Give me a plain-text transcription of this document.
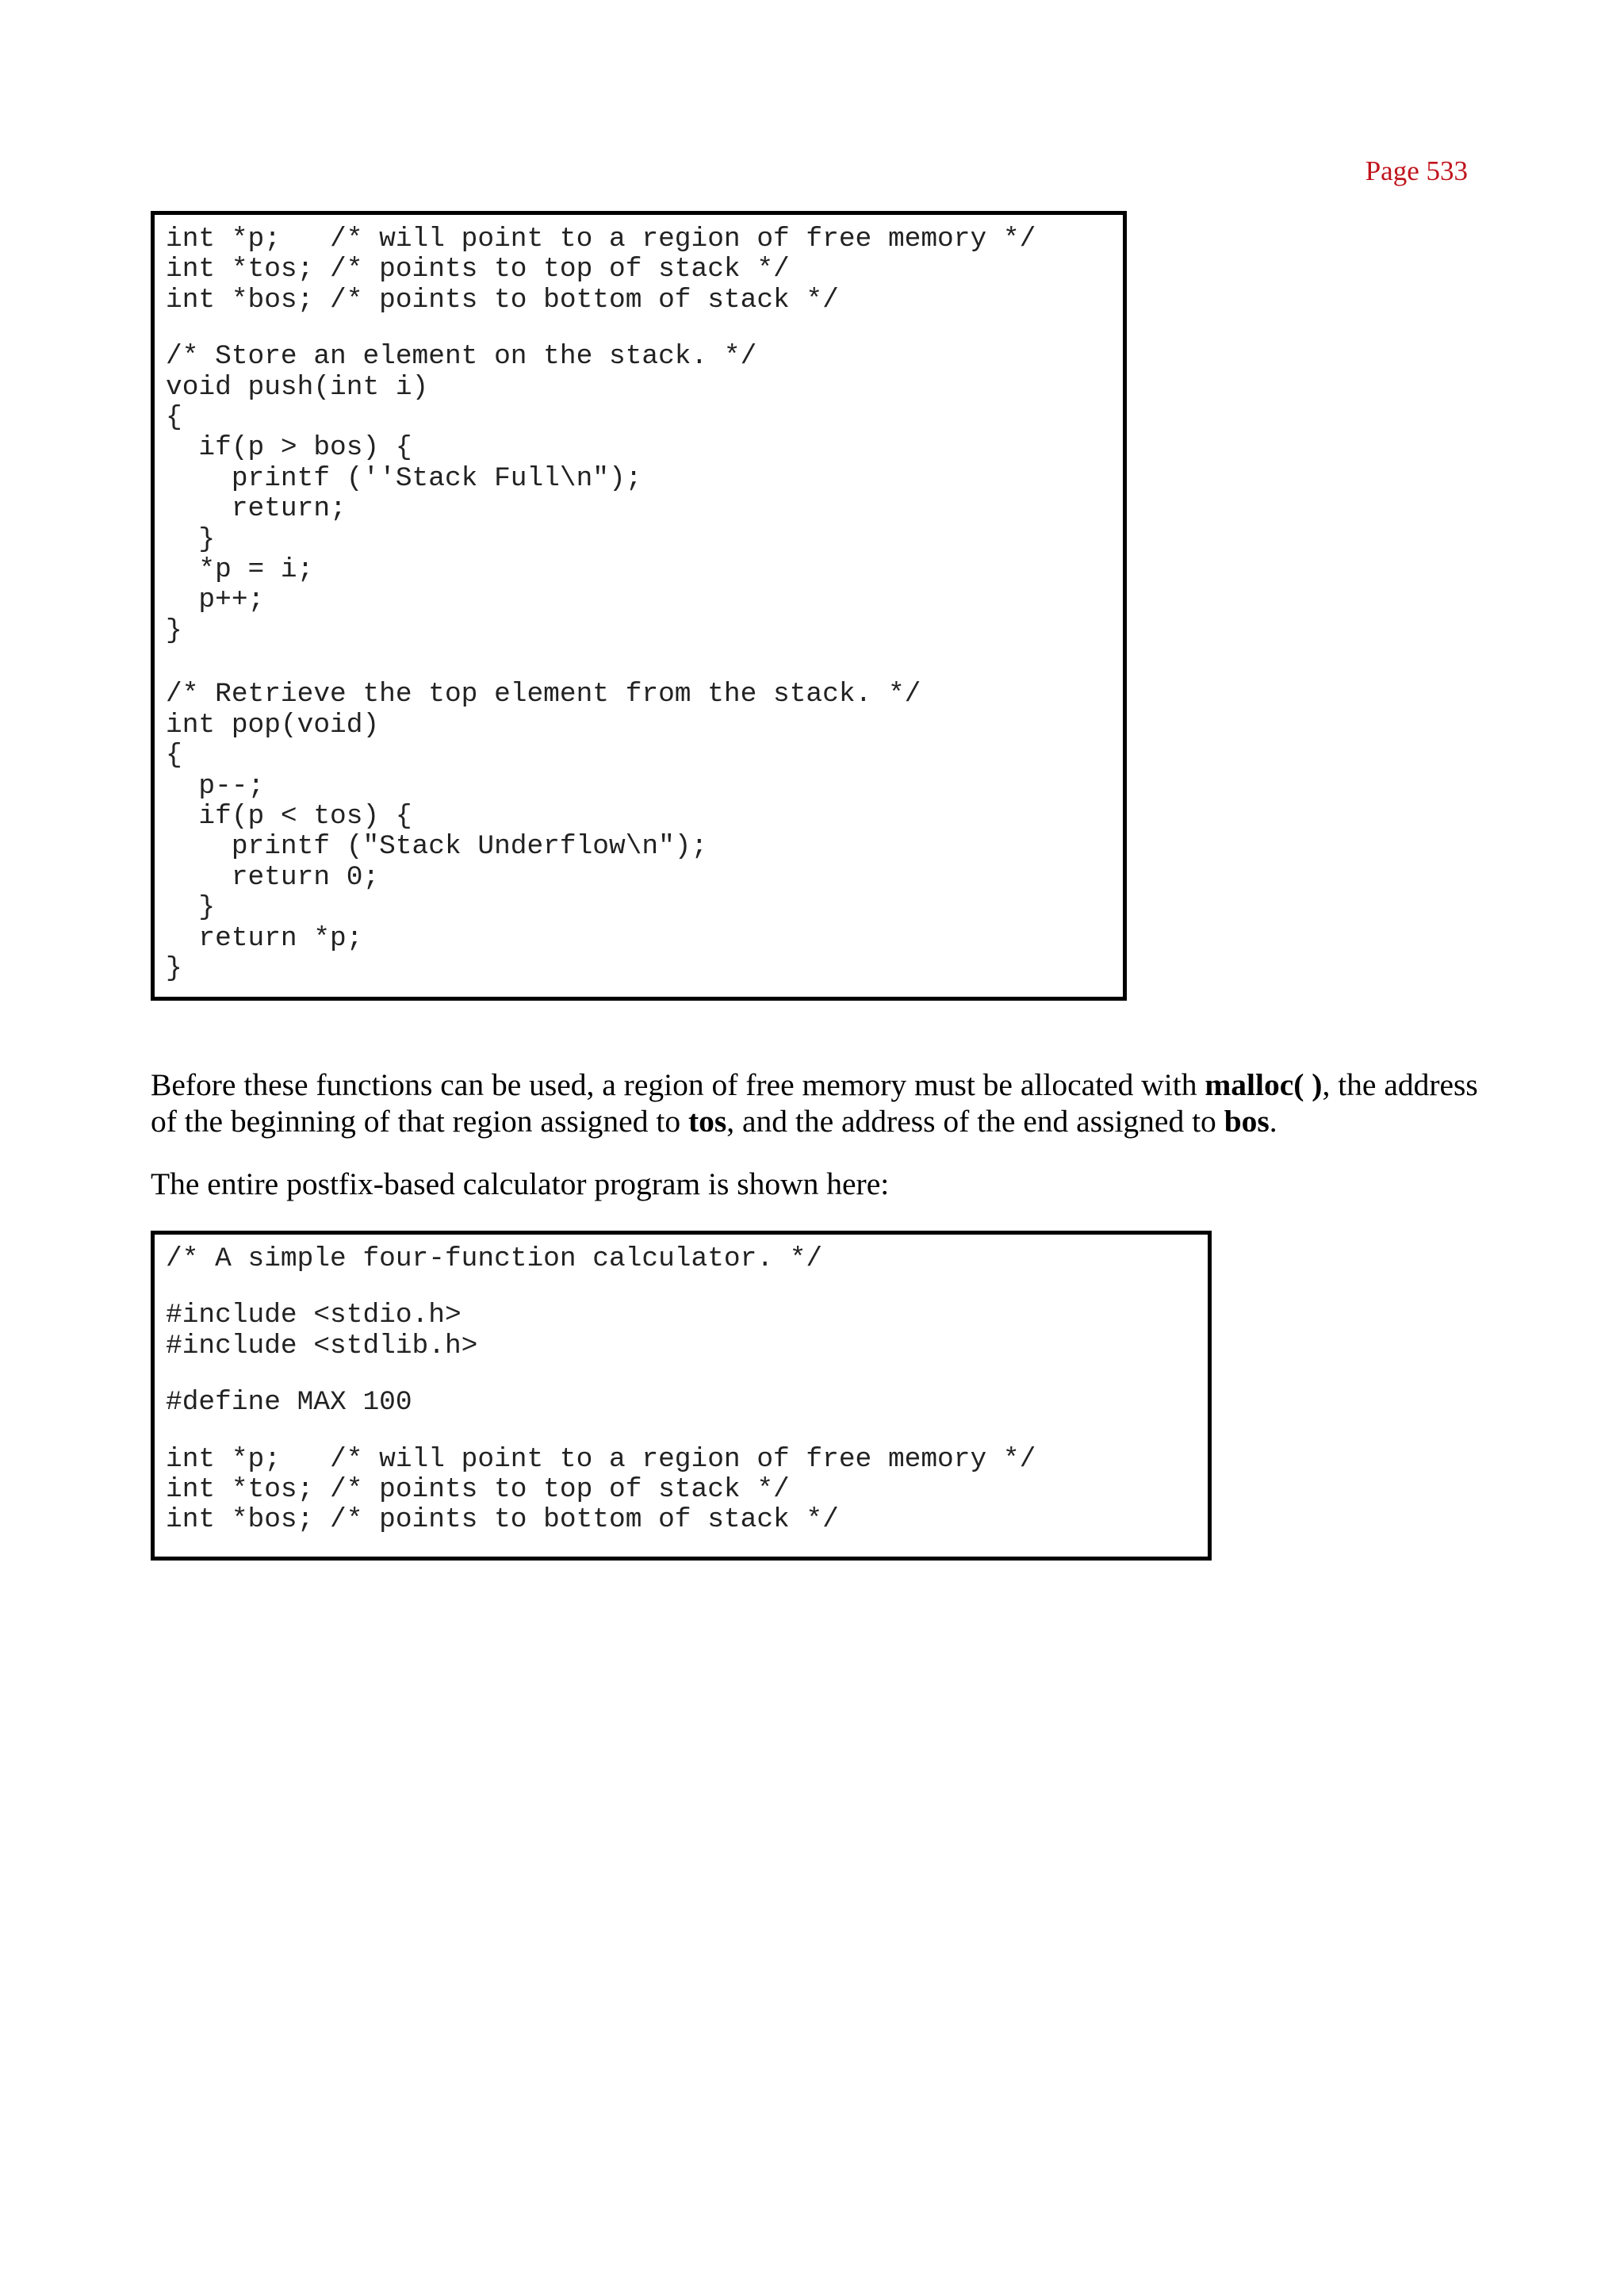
Page 533
int *p;   /* will point to a region of free memory */
int *tos; /* points to top of stack */
int *bos; /* points to bottom of stack */
/* Store an element on the stack. */
void push(int i)
{
if(p > bos) {
printf (''Stack Full\n");
return;
}
*p = i;
p++;
}
/* Retrieve the top element from the stack. */
int pop(void)
{
p--;
if(p < tos) {
printf ("Stack Underflow\n");
return 0;
}
return *p;
}

Before these functions can be used, a region of free memory must be allocated with malloc( ), the address of the beginning of that region assigned to tos, and the address of the end assigned to bos.

The entire postfix-based calculator program is shown here:

/* A simple four-function calculator. */
#include <stdio.h>
#include <stdlib.h>
#define MAX 100
int *p;   /* will point to a region of free memory */
int *tos; /* points to top of stack */
int *bos; /* points to bottom of stack */
